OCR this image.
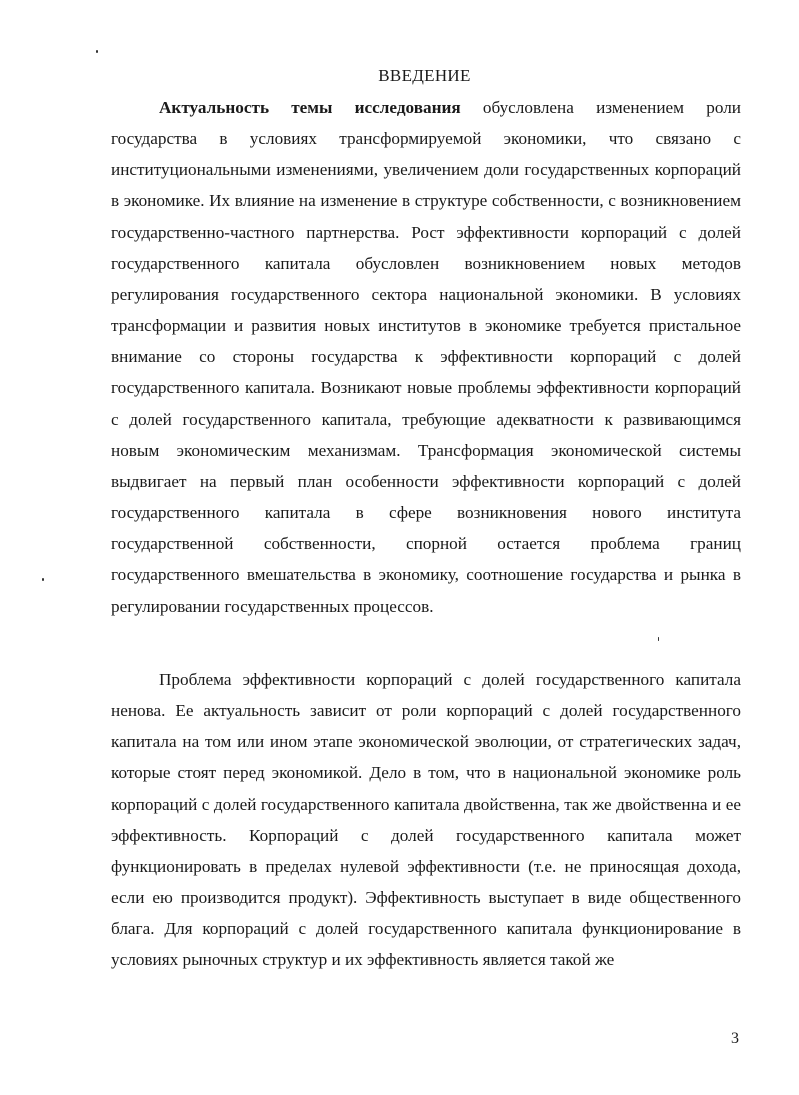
ВВЕДЕНИЕ

Актуальность темы исследования обусловлена изменением роли государства в условиях трансформируемой экономики, что связано с институциональными изменениями, увеличением доли государственных корпораций в экономике. Их влияние на изменение в структуре собственности, с возникновением государственно-частного партнерства. Рост эффективности корпораций с долей государственного капитала обусловлен возникновением новых методов регулирования государственного сектора национальной экономики. В условиях трансформации и развития новых институтов в экономике требуется пристальное внимание со стороны государства к эффективности корпораций с долей государственного капитала. Возникают новые проблемы эффективности корпораций с долей государственного капитала, требующие адекватности к развивающимся новым экономическим механизмам. Трансформация экономической системы выдвигает на первый план особенности эффективности корпораций с долей государственного капитала в сфере возникновения нового института государственной собственности, спорной остается проблема границ государственного вмешательства в экономику, соотношение государства и рынка в регулировании государственных процессов.

Проблема эффективности корпораций с долей государственного капитала ненова. Ее актуальность зависит от роли корпораций с долей государственного капитала на том или ином этапе экономической эволюции, от стратегических задач, которые стоят перед экономикой. Дело в том, что в национальной экономике роль корпораций с долей государственного капитала двойственна, так же двойственна и ее эффективность. Корпораций с долей государственного капитала может функционировать в пределах нулевой эффективности (т.е. не приносящая дохода, если ею производится продукт). Эффективность выступает в виде общественного блага. Для корпораций с долей государственного капитала функционирование в условиях рыночных структур и их эффективность является такой же

3
